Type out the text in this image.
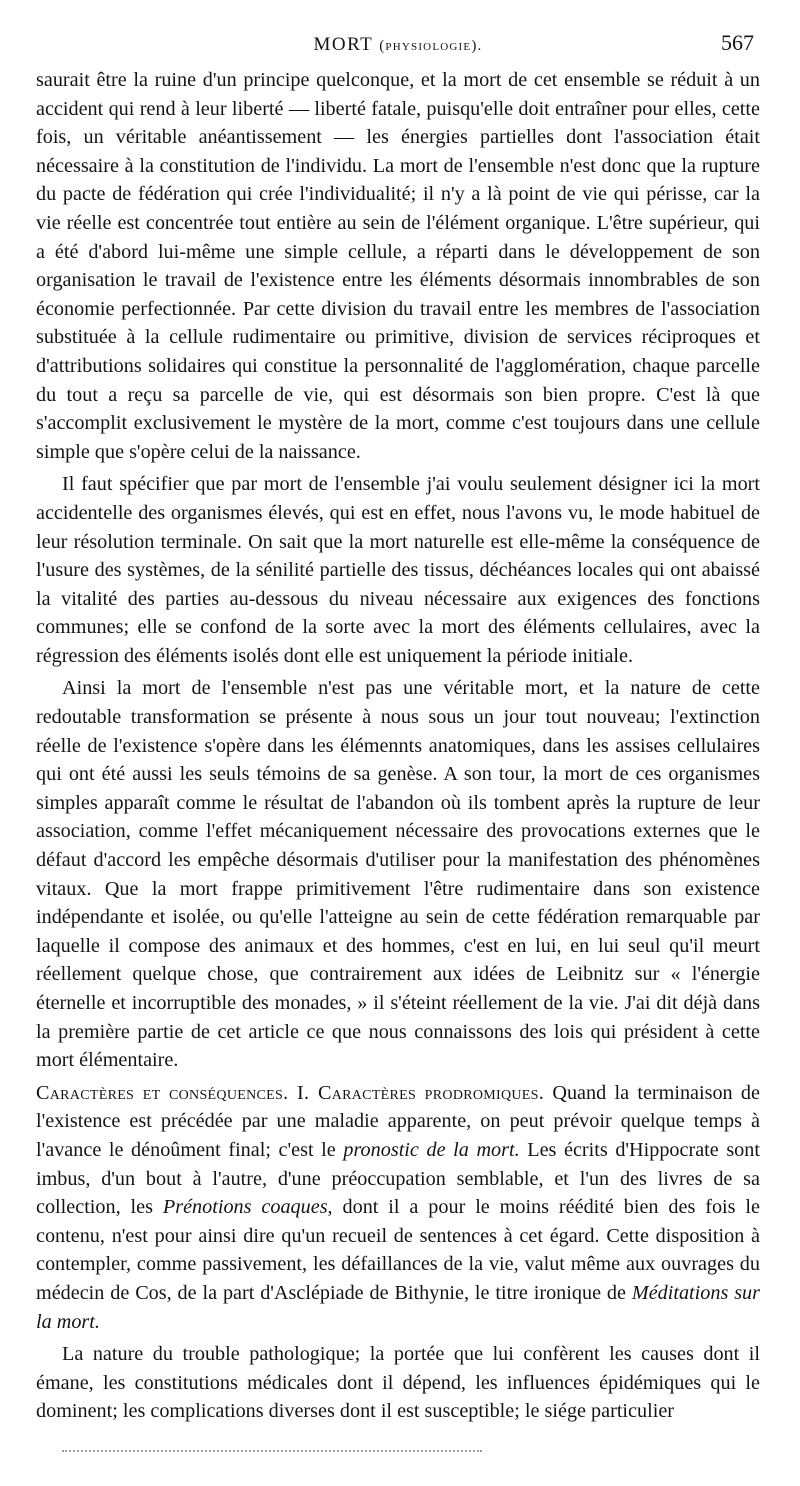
MORT (physiologie).	567

saurait être la ruine d'un principe quelconque, et la mort de cet ensemble se réduit à un accident qui rend à leur liberté — liberté fatale, puisqu'elle doit entraîner pour elles, cette fois, un véritable anéantissement — les énergies partielles dont l'association était nécessaire à la constitution de l'individu. La mort de l'ensemble n'est donc que la rupture du pacte de fédération qui crée l'individualité; il n'y a là point de vie qui périsse, car la vie réelle est concentrée tout entière au sein de l'élément organique. L'être supérieur, qui a été d'abord lui-même une simple cellule, a réparti dans le développement de son organisation le travail de l'existence entre les éléments désormais innombrables de son économie perfectionnée. Par cette division du travail entre les membres de l'association substituée à la cellule rudimentaire ou primitive, division de services réciproques et d'attributions solidaires qui constitue la personnalité de l'agglomération, chaque parcelle du tout a reçu sa parcelle de vie, qui est désormais son bien propre. C'est là que s'accomplit exclusivement le mystère de la mort, comme c'est toujours dans une cellule simple que s'opère celui de la naissance.

Il faut spécifier que par mort de l'ensemble j'ai voulu seulement désigner ici la mort accidentelle des organismes élevés, qui est en effet, nous l'avons vu, le mode habituel de leur résolution terminale. On sait que la mort naturelle est elle-même la conséquence de l'usure des systèmes, de la sénilité partielle des tissus, déchéances locales qui ont abaissé la vitalité des parties au-dessous du niveau nécessaire aux exigences des fonctions communes; elle se confond de la sorte avec la mort des éléments cellulaires, avec la régression des éléments isolés dont elle est uniquement la période initiale.

Ainsi la mort de l'ensemble n'est pas une véritable mort, et la nature de cette redoutable transformation se présente à nous sous un jour tout nouveau; l'extinction réelle de l'existence s'opère dans les élémennts anatomiques, dans les assises cellulaires qui ont été aussi les seuls témoins de sa genèse. A son tour, la mort de ces organismes simples apparaît comme le résultat de l'abandon où ils tombent après la rupture de leur association, comme l'effet mécaniquement nécessaire des provocations externes que le défaut d'accord les empêche désormais d'utiliser pour la manifestation des phénomènes vitaux. Que la mort frappe primitivement l'être rudimentaire dans son existence indépendante et isolée, ou qu'elle l'atteigne au sein de cette fédération remarquable par laquelle il compose des animaux et des hommes, c'est en lui, en lui seul qu'il meurt réellement quelque chose, que contrairement aux idées de Leibnitz sur « l'énergie éternelle et incorruptible des monades, » il s'éteint réellement de la vie. J'ai dit déjà dans la première partie de cet article ce que nous connaissons des lois qui président à cette mort élémentaire.

Caractères et conséquences. I. Caractères prodromiques. Quand la terminaison de l'existence est précédée par une maladie apparente, on peut prévoir quelque temps à l'avance le dénoûment final; c'est le pronostic de la mort. Les écrits d'Hippocrate sont imbus, d'un bout à l'autre, d'une préoccupation semblable, et l'un des livres de sa collection, les Prénotions coaques, dont il a pour le moins réédité bien des fois le contenu, n'est pour ainsi dire qu'un recueil de sentences à cet égard. Cette disposition à contempler, comme passivement, les défaillances de la vie, valut même aux ouvrages du médecin de Cos, de la part d'Asclépiade de Bithynie, le titre ironique de Méditations sur la mort.

La nature du trouble pathologique; la portée que lui confèrent les causes dont il émane, les constitutions médicales dont il dépend, les influences épidémiques qui le dominent; les complications diverses dont il est susceptible; le siége particulier
